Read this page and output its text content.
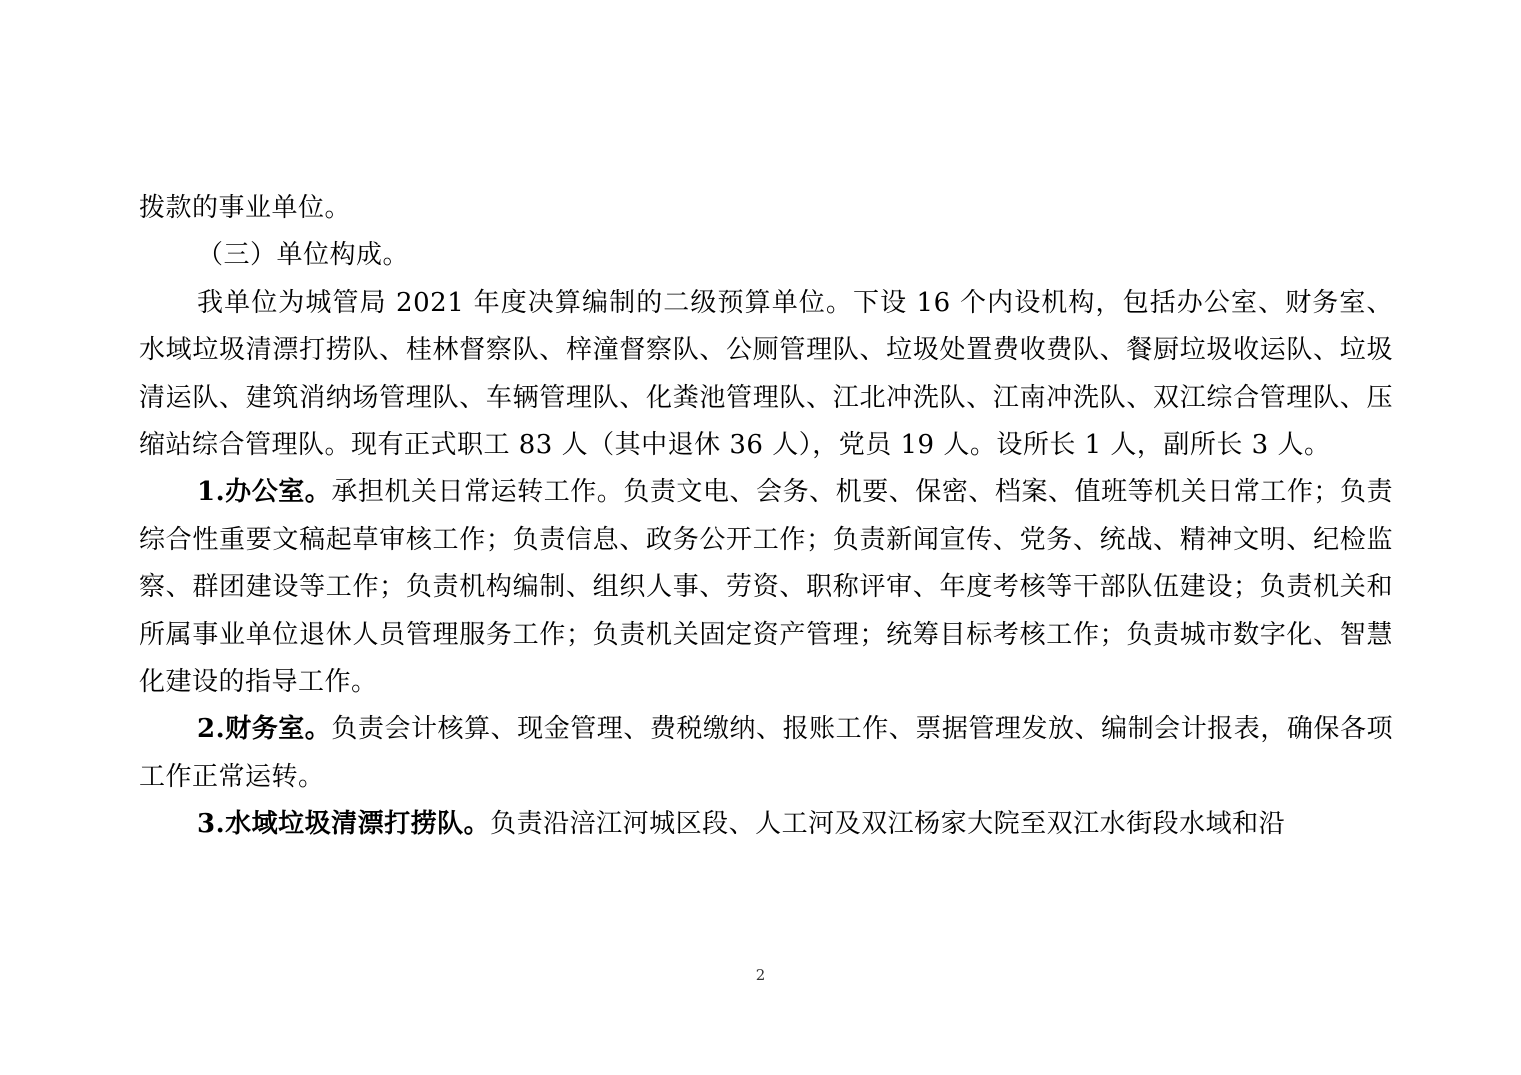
拨款的事业单位。

（三）单位构成。

我单位为城管局 2021 年度决算编制的二级预算单位。下设 16 个内设机构，包括办公室、财务室、水域垃圾清漂打捞队、桂林督察队、梓潼督察队、公厕管理队、垃圾处置费收费队、餐厨垃圾收运队、垃圾清运队、建筑消纳场管理队、车辆管理队、化粪池管理队、江北冲洗队、江南冲洗队、双江综合管理队、压缩站综合管理队。现有正式职工 83 人（其中退休 36 人），党员 19 人。设所长 1 人，副所长 3 人。

1.办公室。承担机关日常运转工作。负责文电、会务、机要、保密、档案、值班等机关日常工作；负责综合性重要文稿起草审核工作；负责信息、政务公开工作；负责新闻宣传、党务、统战、精神文明、纪检监察、群团建设等工作；负责机构编制、组织人事、劳资、职称评审、年度考核等干部队伍建设；负责机关和所属事业单位退休人员管理服务工作；负责机关固定资产管理；统筹目标考核工作；负责城市数字化、智慧化建设的指导工作。

2.财务室。负责会计核算、现金管理、费税缴纳、报账工作、票据管理发放、编制会计报表，确保各项工作正常运转。

3.水域垃圾清漂打捞队。负责沿涪江河城区段、人工河及双江杨家大院至双江水街段水域和沿

2
